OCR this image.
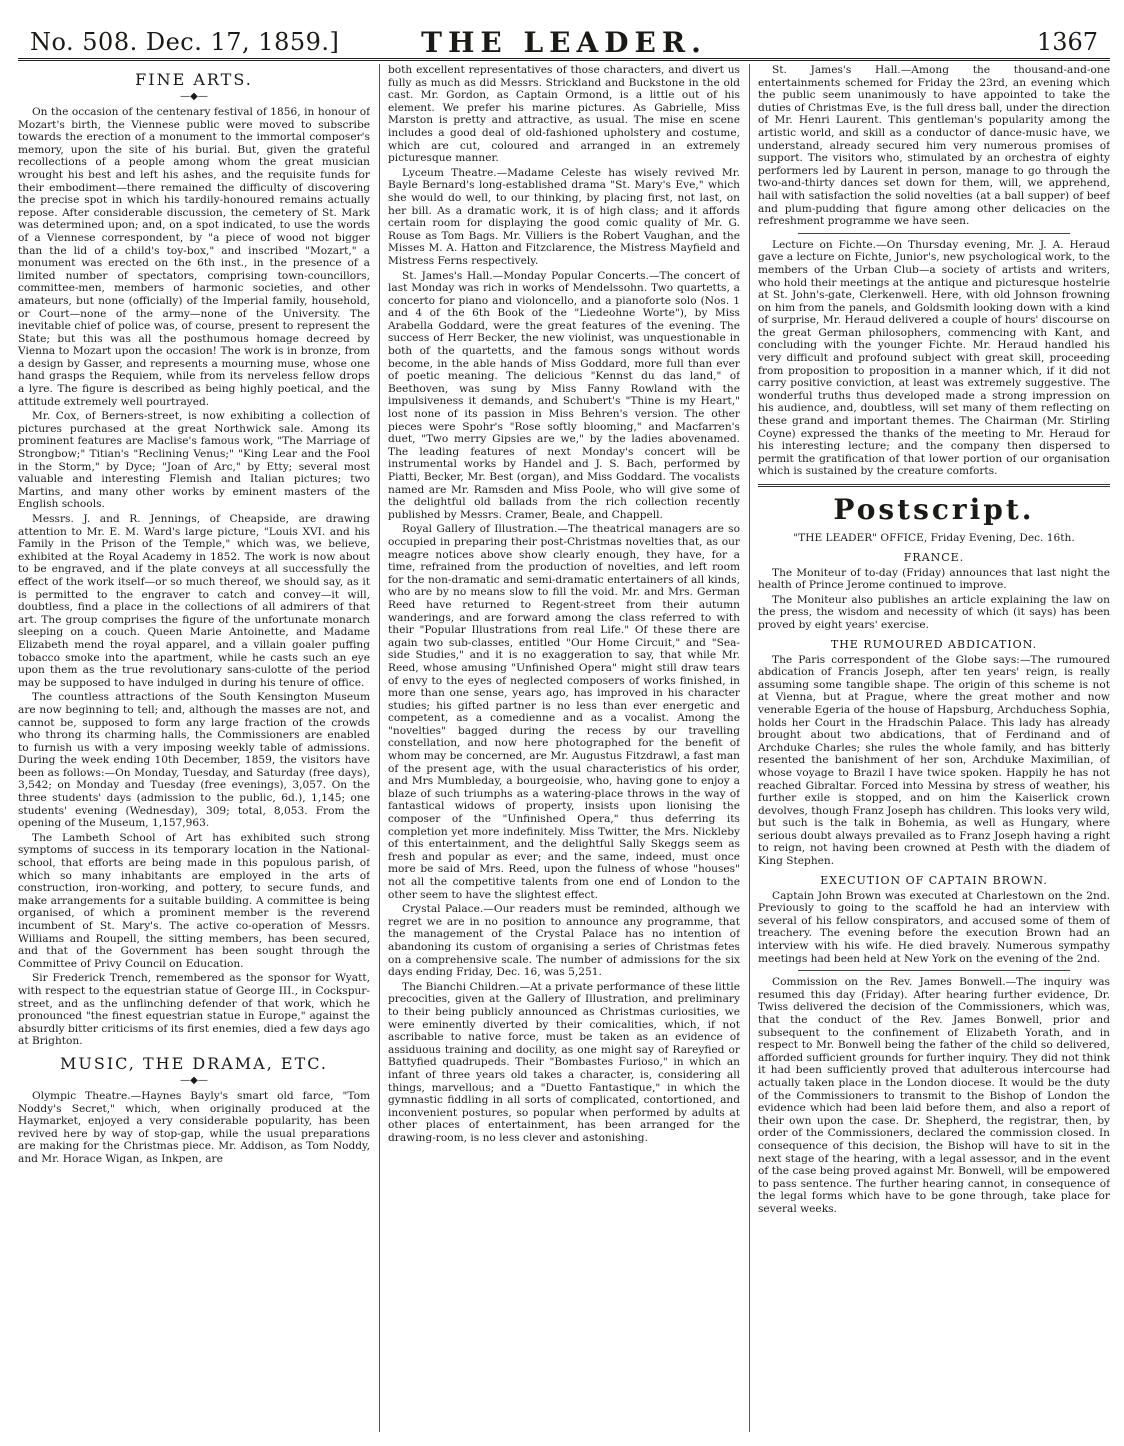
No. 508. Dec. 17, 1859.]	THE LEADER.	1367
FINE ARTS.
—◆—

On the occasion of the centenary festival of 1856, in honour of Mozart's birth, the Viennese public were moved to subscribe towards the erection of a monument to the immortal composer's memory, upon the site of his burial. But, given the grateful recollections of a people among whom the great musician wrought his best and left his ashes, and the requisite funds for their embodiment—there remained the difficulty of discovering the precise spot in which his tardily-honoured remains actually repose. After considerable discussion, the cemetery of St. Mark was determined upon; and, on a spot indicated, to use the words of a Viennese correspondent, by "a piece of wood not bigger than the lid of a child's toy-box," and inscribed "Mozart," a monument was erected on the 6th inst., in the presence of a limited number of spectators, comprising town-councillors, committee-men, members of harmonic societies, and other amateurs, but none (officially) of the Imperial family, household, or Court—none of the army—none of the University. The inevitable chief of police was, of course, present to represent the State; but this was all the posthumous homage decreed by Vienna to Mozart upon the occasion! The work is in bronze, from a design by Gasser, and represents a mourning muse, whose one hand grasps the Requiem, while from its nerveless fellow drops a lyre. The figure is described as being highly poetical, and the attitude extremely well pourtrayed.

Mr. Cox, of Berners-street, is now exhibiting a collection of pictures purchased at the great Northwick sale. Among its prominent features are Maclise's famous work, "The Marriage of Strongbow;" Titian's "Reclining Venus;" "King Lear and the Fool in the Storm," by Dyce; "Joan of Arc," by Etty; several most valuable and interesting Flemish and Italian pictures; two Martins, and many other works by eminent masters of the English schools.

Messrs. J. and R. Jennings, of Cheapside, are drawing attention to Mr. E. M. Ward's large picture, "Louis XVI. and his Family in the Prison of the Temple," which was, we believe, exhibited at the Royal Academy in 1852. The work is now about to be engraved, and if the plate conveys at all successfully the effect of the work itself—or so much thereof, we should say, as it is permitted to the engraver to catch and convey—it will, doubtless, find a place in the collections of all admirers of that art. The group comprises the figure of the unfortunate monarch sleeping on a couch. Queen Marie Antoinette, and Madame Elizabeth mend the royal apparel, and a villain goaler puffing tobacco smoke into the apartment, while he casts such an eye upon them as the true revolutionary sans-culotte of the period may be supposed to have indulged in during his tenure of office.

The countless attractions of the South Kensington Museum are now beginning to tell; and, although the masses are not, and cannot be, supposed to form any large fraction of the crowds who throng its charming halls, the Commissioners are enabled to furnish us with a very imposing weekly table of admissions. During the week ending 10th December, 1859, the visitors have been as follows:—On Monday, Tuesday, and Saturday (free days), 3,542; on Monday and Tuesday (free evenings), 3,057. On the three students' days (admission to the public, 6d.), 1,145; one students' evening (Wednesday), 309; total, 8,053. From the opening of the Museum, 1,157,963.

The Lambeth School of Art has exhibited such strong symptoms of success in its temporary location in the National-school, that efforts are being made in this populous parish, of which so many inhabitants are employed in the arts of construction, iron-working, and pottery, to secure funds, and make arrangements for a suitable building. A committee is being organised, of which a prominent member is the reverend incumbent of St. Mary's. The active co-operation of Messrs. Williams and Roupell, the sitting members, has been secured, and that of the Government has been sought through the Committee of Privy Council on Education.

Sir Frederick Trench, remembered as the sponsor for Wyatt, with respect to the equestrian statue of George III., in Cockspur-street, and as the unflinching defender of that work, which he pronounced "the finest equestrian statue in Europe," against the absurdly bitter criticisms of its first enemies, died a few days ago at Brighton.

MUSIC, THE DRAMA, ETC.
—◆—

Olympic Theatre.—Haynes Bayly's smart old farce, "Tom Noddy's Secret," which, when originally produced at the Haymarket, enjoyed a very considerable popularity, has been revived here by way of stop-gap, while the usual preparations are making for the Christmas piece. Mr. Addison, as Tom Noddy, and Mr. Horace Wigan, as Inkpen, are

both excellent representatives of those characters, and divert us fully as much as did Messrs. Strickland and Buckstone in the old cast. Mr. Gordon, as Captain Ormond, is a little out of his element. We prefer his marine pictures. As Gabrielle, Miss Marston is pretty and attractive, as usual. The mise en scene includes a good deal of old-fashioned upholstery and costume, which are cut, coloured and arranged in an extremely picturesque manner.

Lyceum Theatre.—Madame Celeste has wisely revived Mr. Bayle Bernard's long-established drama "St. Mary's Eve," which she would do well, to our thinking, by placing first, not last, on her bill. As a dramatic work, it is of high class; and it affords certain room for displaying the good comic quality of Mr. G. Rouse as Tom Bags. Mr. Villiers is the Robert Vaughan, and the Misses M. A. Hatton and Fitzclarence, the Mistress Mayfield and Mistress Ferns respectively.

St. James's Hall.—Monday Popular Concerts.—The concert of last Monday was rich in works of Mendelssohn. Two quartetts, a concerto for piano and violoncello, and a pianoforte solo (Nos. 1 and 4 of the 6th Book of the "Liedeohne Worte"), by Miss Arabella Goddard, were the great features of the evening. The success of Herr Becker, the new violinist, was unquestionable in both of the quartetts, and the famous songs without words become, in the able hands of Miss Goddard, more full than ever of poetic meaning. The delicious "Kennst du das land," of Beethoven, was sung by Miss Fanny Rowland with the impulsiveness it demands, and Schubert's "Thine is my Heart," lost none of its passion in Miss Behren's version. The other pieces were Spohr's "Rose softly blooming," and Macfarren's duet, "Two merry Gipsies are we," by the ladies abovenamed. The leading features of next Monday's concert will be instrumental works by Handel and J. S. Bach, performed by Piatti, Becker, Mr. Best (organ), and Miss Goddard. The vocalists named are Mr. Ramsden and Miss Poole, who will give some of the delightful old ballads from the rich collection recently published by Messrs. Cramer, Beale, and Chappell.

Royal Gallery of Illustration.—The theatrical managers are so occupied in preparing their post-Christmas novelties that, as our meagre notices above show clearly enough, they have, for a time, refrained from the production of novelties, and left room for the non-dramatic and semi-dramatic entertainers of all kinds, who are by no means slow to fill the void. Mr. and Mrs. German Reed have returned to Regent-street from their autumn wanderings, and are forward among the class referred to with their "Popular Illustrations from real Life." Of these there are again two sub-classes, entitled "Our Home Circuit," and "Sea-side Studies," and it is no exaggeration to say, that while Mr. Reed, whose amusing "Unfinished Opera" might still draw tears of envy to the eyes of neglected composers of works finished, in more than one sense, years ago, has improved in his character studies; his gifted partner is no less than ever energetic and competent, as a comedienne and as a vocalist. Among the "novelties" bagged during the recess by our travelling constellation, and now here photographed for the benefit of whom may be concerned, are Mr. Augustus Fitzdrawl, a fast man of the present age, with the usual characteristics of his order, and Mrs Mumbleday, a bourgeoisie, who, having gone to enjoy a blaze of such triumphs as a watering-place throws in the way of fantastical widows of property, insists upon lionising the composer of the "Unfinished Opera," thus deferring its completion yet more indefinitely. Miss Twitter, the Mrs. Nickleby of this entertainment, and the delightful Sally Skeggs seem as fresh and popular as ever; and the same, indeed, must once more be said of Mrs. Reed, upon the fulness of whose "houses" not all the competitive talents from one end of London to the other seem to have the slightest effect.

Crystal Palace.—Our readers must be reminded, although we regret we are in no position to announce any programme, that the management of the Crystal Palace has no intention of abandoning its custom of organising a series of Christmas fetes on a comprehensive scale. The number of admissions for the six days ending Friday, Dec. 16, was 5,251.

The Bianchi Children.—At a private performance of these little precocities, given at the Gallery of Illustration, and preliminary to their being publicly announced as Christmas curiosities, we were eminently diverted by their comicalities, which, if not ascribable to native force, must be taken as an evidence of assiduous training and docility, as one might say of Rareyfied or Battyfied quadrupeds. Their "Bombastes Furioso," in which an infant of three years old takes a character, is, considering all things, marvellous; and a "Duetto Fantastique," in which the gymnastic fiddling in all sorts of complicated, contortioned, and inconvenient postures, so popular when performed by adults at other places of entertainment, has been arranged for the drawing-room, is no less clever and astonishing.

St. James's Hall.—Among the thousand-and-one entertainments schemed for Friday the 23rd, an evening which the public seem unanimously to have appointed to take the duties of Christmas Eve, is the full dress ball, under the direction of Mr. Henri Laurent. This gentleman's popularity among the artistic world, and skill as a conductor of dance-music have, we understand, already secured him very numerous promises of support. The visitors who, stimulated by an orchestra of eighty performers led by Laurent in person, manage to go through the two-and-thirty dances set down for them, will, we apprehend, hail with satisfaction the solid novelties (at a ball supper) of beef and plum-pudding that figure among other delicacies on the refreshment programme we have seen.

Lecture on Fichte.—On Thursday evening, Mr. J. A. Heraud gave a lecture on Fichte, Junior's, new psychological work, to the members of the Urban Club—a society of artists and writers, who hold their meetings at the antique and picturesque hostelrie at St. John's-gate, Clerkenwell. Here, with old Johnson frowning on him from the panels, and Goldsmith looking down with a kind of surprise, Mr. Heraud delivered a couple of hours' discourse on the great German philosophers, commencing with Kant, and concluding with the younger Fichte. Mr. Heraud handled his very difficult and profound subject with great skill, proceeding from proposition to proposition in a manner which, if it did not carry positive conviction, at least was extremely suggestive. The wonderful truths thus developed made a strong impression on his audience, and, doubtless, will set many of them reflecting on these grand and important themes. The Chairman (Mr. Stirling Coyne) expressed the thanks of the meeting to Mr. Heraud for his interesting lecture; and the company then dispersed to permit the gratification of that lower portion of our organisation which is sustained by the creature comforts.

Postscript.

"THE LEADER" OFFICE, Friday Evening, Dec. 16th.

FRANCE.

The Moniteur of to-day (Friday) announces that last night the health of Prince Jerome continued to improve.

The Moniteur also publishes an article explaining the law on the press, the wisdom and necessity of which (it says) has been proved by eight years' exercise.

THE RUMOURED ABDICATION.

The Paris correspondent of the Globe says:—The rumoured abdication of Francis Joseph, after ten years' reign, is really assuming some tangible shape. The origin of this scheme is not at Vienna, but at Prague, where the great mother and now venerable Egeria of the house of Hapsburg, Archduchess Sophia, holds her Court in the Hradschin Palace. This lady has already brought about two abdications, that of Ferdinand and of Archduke Charles; she rules the whole family, and has bitterly resented the banishment of her son, Archduke Maximilian, of whose voyage to Brazil I have twice spoken. Happily he has not reached Gibraltar. Forced into Messina by stress of weather, his further exile is stopped, and on him the Kaiserlick crown devolves, though Franz Joseph has children. This looks very wild, but such is the talk in Bohemia, as well as Hungary, where serious doubt always prevailed as to Franz Joseph having a right to reign, not having been crowned at Pesth with the diadem of King Stephen.

EXECUTION OF CAPTAIN BROWN.

Captain John Brown was executed at Charlestown on the 2nd. Previously to going to the scaffold he had an interview with several of his fellow conspirators, and accused some of them of treachery. The evening before the execution Brown had an interview with his wife. He died bravely. Numerous sympathy meetings had been held at New York on the evening of the 2nd.

Commission on the Rev. James Bonwell.—The inquiry was resumed this day (Friday). After hearing further evidence, Dr. Twiss delivered the decision of the Commissioners, which was, that the conduct of the Rev. James Bonwell, prior and subsequent to the confinement of Elizabeth Yorath, and in respect to Mr. Bonwell being the father of the child so delivered, afforded sufficient grounds for further inquiry. They did not think it had been sufficiently proved that adulterous intercourse had actually taken place in the London diocese. It would be the duty of the Commissioners to transmit to the Bishop of London the evidence which had been laid before them, and also a report of their own upon the case. Dr. Shepherd, the registrar, then, by order of the Commissioners, declared the commission closed. In consequence of this decision, the Bishop will have to sit in the next stage of the hearing, with a legal assessor, and in the event of the case being proved against Mr. Bonwell, will be empowered to pass sentence. The further hearing cannot, in consequence of the legal forms which have to be gone through, take place for several weeks.
